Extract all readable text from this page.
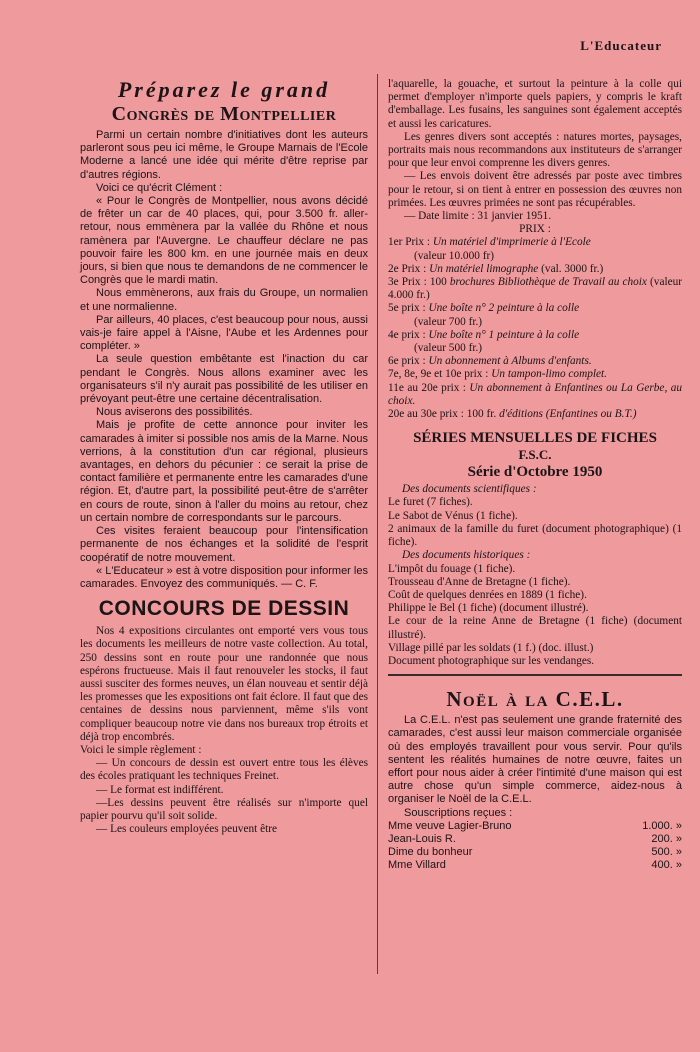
L'Educateur
Préparez le grand
Congrès de Montpellier

Parmi un certain nombre d'initiatives dont les auteurs parleront sous peu ici même, le Groupe Marnais de l'Ecole Moderne a lancé une idée qui mérite d'être reprise par d'autres régions.

Voici ce qu'écrit Clément :

« Pour le Congrès de Montpellier, nous avons décidé de frêter un car de 40 places, qui, pour 3.500 fr. aller-retour, nous emmènera par la vallée du Rhône et nous ramènera par l'Auvergne. Le chauffeur déclare ne pas pouvoir faire les 800 km. en une journée mais en deux jours, si bien que nous te demandons de ne commencer le Congrès que le mardi matin.

Nous emmènerons, aux frais du Groupe, un normalien et une normalienne.

Par ailleurs, 40 places, c'est beaucoup pour nous, aussi vais-je faire appel à l'Aisne, l'Aube et les Ardennes pour compléter. »

La seule question embêtante est l'inaction du car pendant le Congrès. Nous allons examiner avec les organisateurs s'il n'y aurait pas possibilité de les utiliser en prévoyant peut-être une certaine décentralisation.

Nous aviserons des possibilités.

Mais je profite de cette annonce pour inviter les camarades à imiter si possible nos amis de la Marne. Nous verrions, à la constitution d'un car régional, plusieurs avantages, en dehors du pécunier : ce serait la prise de contact familière et permanente entre les camarades d'une région. Et, d'autre part, la possibilité peut-être de s'arrêter en cours de route, sinon à l'aller du moins au retour, chez un certain nombre de correspondants sur le parcours.

Ces visites feraient beaucoup pour l'intensification permanente de nos échanges et la solidité de l'esprit coopératif de notre mouvement.

« L'Educateur » est à votre disposition pour informer les camarades. Envoyez des communiqués. — C. F.

CONCOURS DE DESSIN

Nos 4 expositions circulantes ont emporté vers vous tous les documents les meilleurs de notre vaste collection. Au total, 250 dessins sont en route pour une randonnée que nous espérons fructueuse. Mais il faut renouveler les stocks, il faut aussi susciter des formes neuves, un élan nouveau et sentir déjà les promesses que les expositions ont fait éclore. Il faut que des centaines de dessins nous parviennent, même s'ils vont compliquer beaucoup notre vie dans nos bureaux trop étroits et déjà trop encombrés.

Voici le simple règlement :

— Un concours de dessin est ouvert entre tous les élèves des écoles pratiquant les techniques Freinet.

— Le format est indifférent.

—Les dessins peuvent être réalisés sur n'importe quel papier pourvu qu'il soit solide.

— Les couleurs employées peuvent être

l'aquarelle, la gouache, et surtout la peinture à la colle qui permet d'employer n'importe quels papiers, y compris le kraft d'emballage. Les fusains, les sanguines sont également acceptés et aussi les caricatures.

Les genres divers sont acceptés : natures mortes, paysages, portraits mais nous recommandons aux instituteurs de s'arranger pour que leur envoi comprenne les divers genres.

— Les envois doivent être adressés par poste avec timbres pour le retour, si on tient à entrer en possession des œuvres non primées. Les œuvres primées ne sont pas récupérables.

— Date limite : 31 janvier 1951.

PRIX :

1er Prix : Un matériel d'imprimerie à l'Ecole
(valeur 10.000 fr)

2e Prix : Un matériel limographe (val. 3000 fr.)

3e Prix : 100 brochures Bibliothèque de Travail au choix (valeur 4.000 fr.)

5e prix : Une boîte n° 2 peinture à la colle
(valeur 700 fr.)

4e prix : Une boîte n° 1 peinture à la colle
(valeur 500 fr.)

6e prix : Un abonnement à Albums d'enfants.

7e, 8e, 9e et 10e prix : Un tampon-limo complet.

11e au 20e prix : Un abonnement à Enfantines ou La Gerbe, au choix.

20e au 30e prix : 100 fr. d'éditions (Enfantines ou B.T.)

SÉRIES MENSUELLES DE FICHES
F.S.C.
Série d'Octobre 1950

Des documents scientifiques :

Le furet (7 fiches).

Le Sabot de Vénus (1 fiche).

2 animaux de la famille du furet (document photographique) (1 fiche).

Des documents historiques :

L'impôt du fouage (1 fiche).

Trousseau d'Anne de Bretagne (1 fiche).

Coût de quelques denrées en 1889 (1 fiche).

Philippe le Bel (1 fiche) (document illustré).

Le cour de la reine Anne de Bretagne (1 fiche) (document illustré).

Village pillé par les soldats (1 f.) (doc. illust.)

Document photographique sur les vendanges.

Noël à la C.E.L.

La C.E.L. n'est pas seulement une grande fraternité des camarades, c'est aussi leur maison commerciale organisée où des employés travaillent pour vous servir. Pour qu'ils sentent les réalités humaines de notre œuvre, faites un effort pour nous aider à créer l'intimité d'une maison qui est autre chose qu'un simple commerce, aidez-nous à organiser le Noël de la C.E.L.

Souscriptions reçues :

Mme veuve Lagier-Bruno	1.000. »
Jean-Louis R.	200. »
Dime du bonheur	500. »
Mme Villard	400. »
